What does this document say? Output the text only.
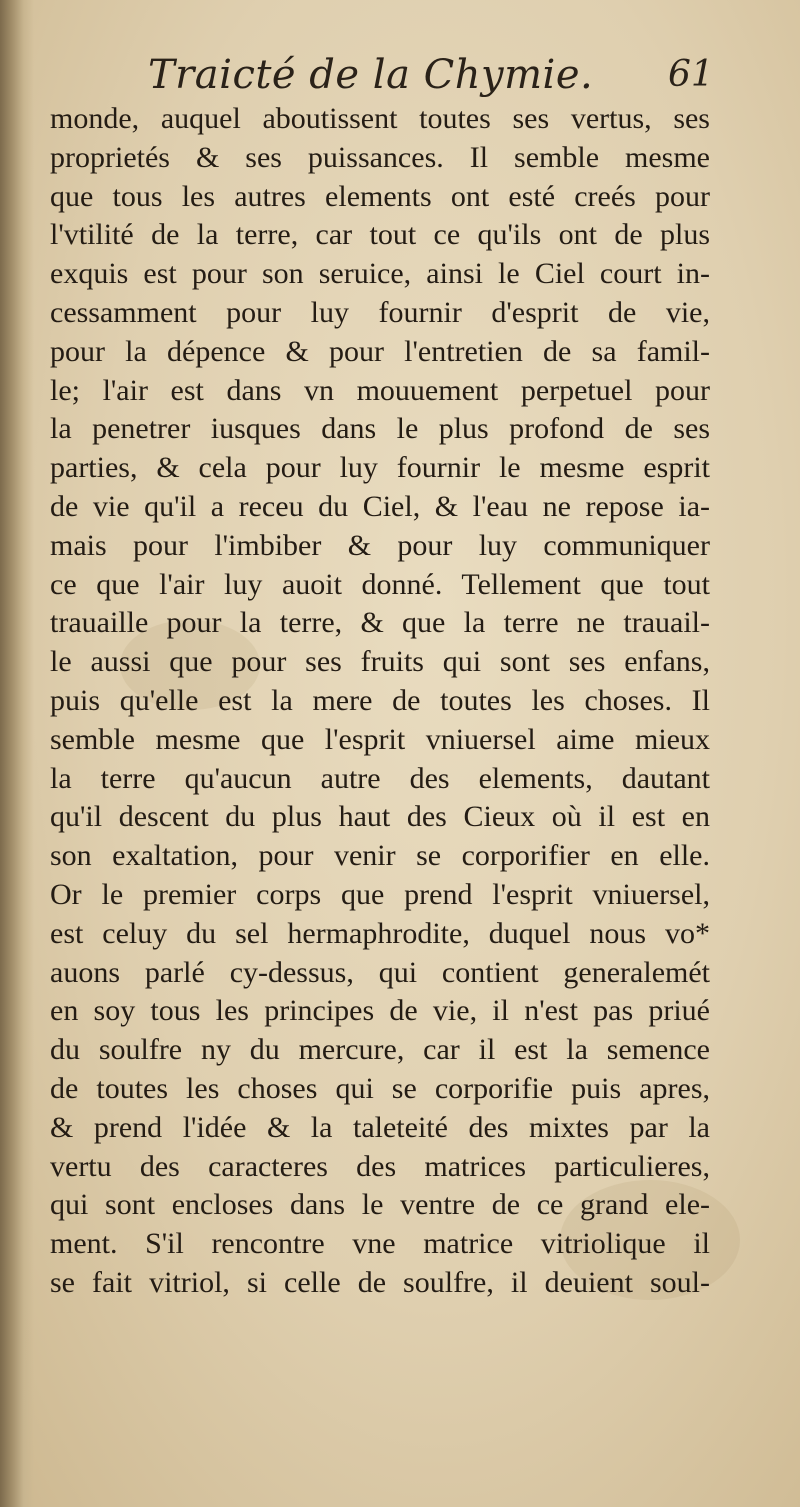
Traicté de la Chymie. 61
monde, auquel aboutissent toutes ses vertus, ses
proprietés & ses puissances. Il semble mesme
que tous les autres elements ont esté creés pour
l'vtilité de la terre, car tout ce qu'ils ont de plus
exquis est pour son seruice, ainsi le Ciel court in-
cessamment pour luy fournir d'esprit de vie,
pour la dépence & pour l'entretien de sa famil-
le; l'air est dans vn mouuement perpetuel pour
la penetrer iusques dans le plus profond de ses
parties, & cela pour luy fournir le mesme esprit
de vie qu'il a receu du Ciel, & l'eau ne repose ia-
mais pour l'imbiber & pour luy communiquer
ce que l'air luy auoit donné. Tellement que tout
trauaille pour la terre, & que la terre ne trauail-
le aussi que pour ses fruits qui sont ses enfans,
puis qu'elle est la mere de toutes les choses. Il
semble mesme que l'esprit vniuersel aime mieux
la terre qu'aucun autre des elements, dautant
qu'il descent du plus haut des Cieux où il est en
son exaltation, pour venir se corporifier en elle.
Or le premier corps que prend l'esprit vniuersel,
est celuy du sel hermaphrodite, duquel nous vo*
auons parlé cy-dessus, qui contient generalemét
en soy tous les principes de vie, il n'est pas priué
du soulfre ny du mercure, car il est la semence
de toutes les choses qui se corporifie puis apres,
& prend l'idée & la taleteité des mixtes par la
vertu des caracteres des matrices particulieres,
qui sont encloses dans le ventre de ce grand ele-
ment. S'il rencontre vne matrice vitriolique il
se fait vitriol, si celle de soulfre, il deuient soul-
